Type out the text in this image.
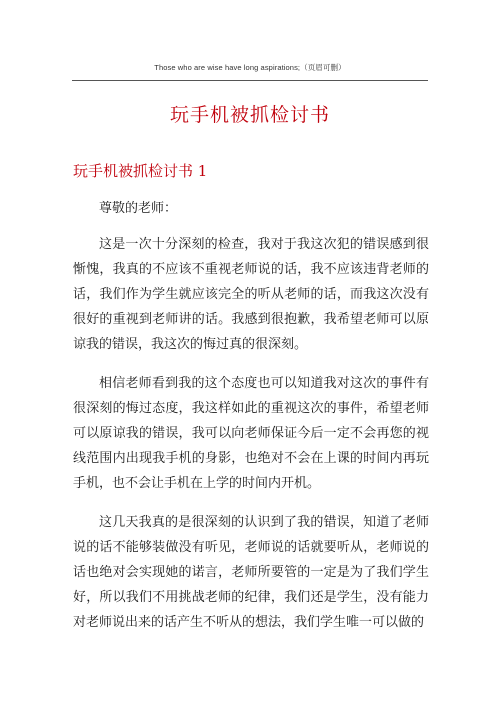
Those who are wise have long aspirations;（页眉可删）
玩手机被抓检讨书
玩手机被抓检讨书 1
尊敬的老师：

这是一次十分深刻的检查，我对于我这次犯的错误感到很惭愧，我真的不应该不重视老师说的话，我不应该违背老师的话，我们作为学生就应该完全的听从老师的话，而我这次没有很好的重视到老师讲的话。我感到很抱歉，我希望老师可以原谅我的错误，我这次的悔过真的很深刻。

相信老师看到我的这个态度也可以知道我对这次的事件有很深刻的悔过态度，我这样如此的重视这次的事件，希望老师可以原谅我的错误，我可以向老师保证今后一定不会再您的视线范围内出现我手机的身影，也绝对不会在上课的时间内再玩手机，也不会让手机在上学的时间内开机。

这几天我真的是很深刻的认识到了我的错误，知道了老师说的话不能够装做没有听见，老师说的话就要听从，老师说的话也绝对会实现她的诺言，老师所要管的一定是为了我们学生好，所以我们不用挑战老师的纪律，我们还是学生，没有能力对老师说出来的话产生不听从的想法，我们学生唯一可以做的
